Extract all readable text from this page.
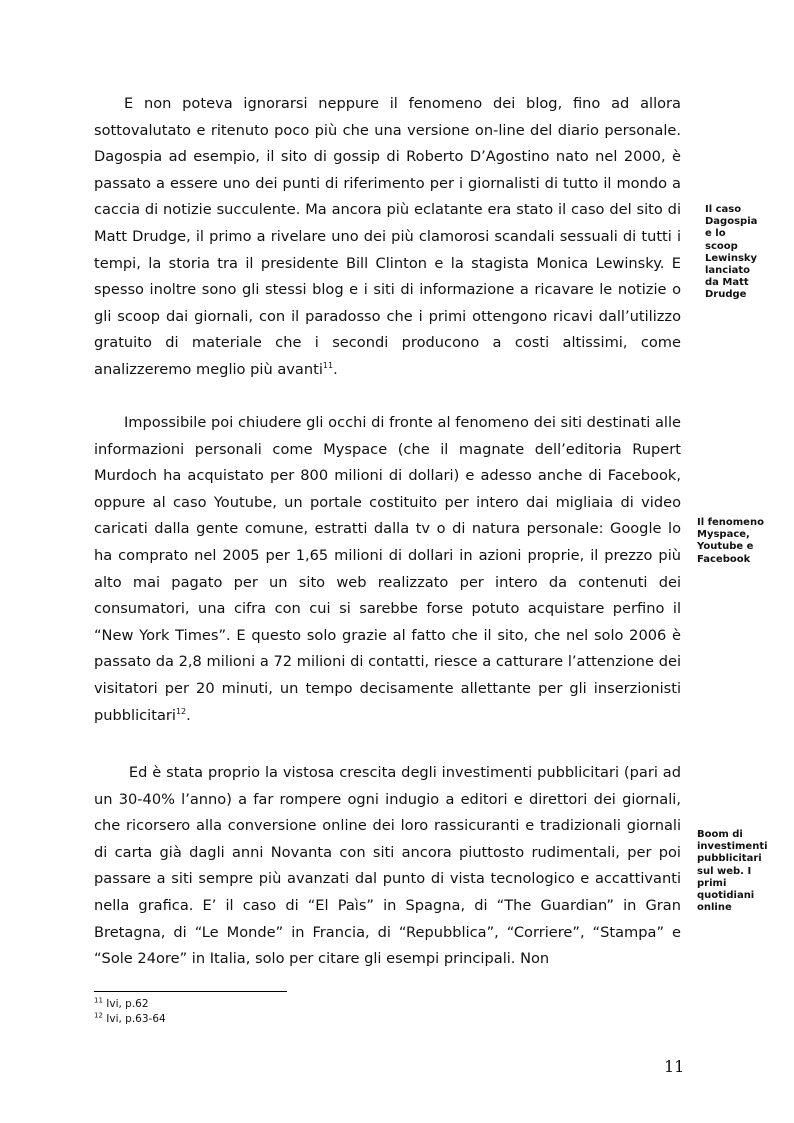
E non poteva ignorarsi neppure il fenomeno dei blog, fino ad allora sottovalutato e ritenuto poco più che una versione on-line del diario personale. Dagospia ad esempio, il sito di gossip di Roberto D’Agostino nato nel 2000, è passato a essere uno dei punti di riferimento per i giornalisti di tutto il mondo a caccia di notizie succulente. Ma ancora più eclatante era stato il caso del sito di Matt Drudge, il primo a rivelare uno dei più clamorosi scandali sessuali di tutti i tempi, la storia tra il presidente Bill Clinton e la stagista Monica Lewinsky. E spesso inoltre sono gli stessi blog e i siti di informazione a ricavare le notizie o gli scoop dai giornali, con il paradosso che i primi ottengono ricavi dall’utilizzo gratuito di materiale che i secondi producono a costi altissimi, come analizzeremo meglio più avanti$^{11}$.

Impossibile poi chiudere gli occhi di fronte al fenomeno dei siti destinati alle informazioni personali come Myspace (che il magnate dell’editoria Rupert Murdoch ha acquistato per 800 milioni di dollari) e adesso anche di Facebook, oppure al caso Youtube, un portale costituito per intero dai migliaia di video caricati dalla gente comune, estratti dalla tv o di natura personale: Google lo ha comprato nel 2005 per 1,65 milioni di dollari in azioni proprie, il prezzo più alto mai pagato per un sito web realizzato per intero da contenuti dei consumatori, una cifra con cui si sarebbe forse potuto acquistare perfino il “New York Times”. E questo solo grazie al fatto che il sito, che nel solo 2006 è passato da 2,8 milioni a 72 milioni di contatti, riesce a catturare l’attenzione dei visitatori per 20 minuti, un tempo decisamente allettante per gli inserzionisti pubblicitari$^{12}$.

Ed è stata proprio la vistosa crescita degli investimenti pubblicitari (pari ad un 30-40% l’anno) a far rompere ogni indugio a editori e direttori dei giornali, che ricorsero alla conversione online dei loro rassicuranti e tradizionali giornali di carta già dagli anni Novanta con siti ancora piuttosto rudimentali, per poi passare a siti sempre più avanzati dal punto di vista tecnologico e accattivanti nella grafica. E’ il caso di “El Paìs” in Spagna, di “The Guardian” in Gran Bretagna, di “Le Monde” in Francia, di “Repubblica”, “Corriere”, “Stampa” e “Sole 24ore” in Italia, solo per citare gli esempi principali. Non

Il caso
Dagospia
e lo
scoop
Lewinsky
lanciato
da Matt
Drudge
Il fenomeno
Myspace,
Youtube e
Facebook
Boom di
investimenti
pubblicitari
sul web. I
primi
quotidiani
online
$^{11}$ Ivi, p.62
$^{12}$ Ivi, p.63-64
11
